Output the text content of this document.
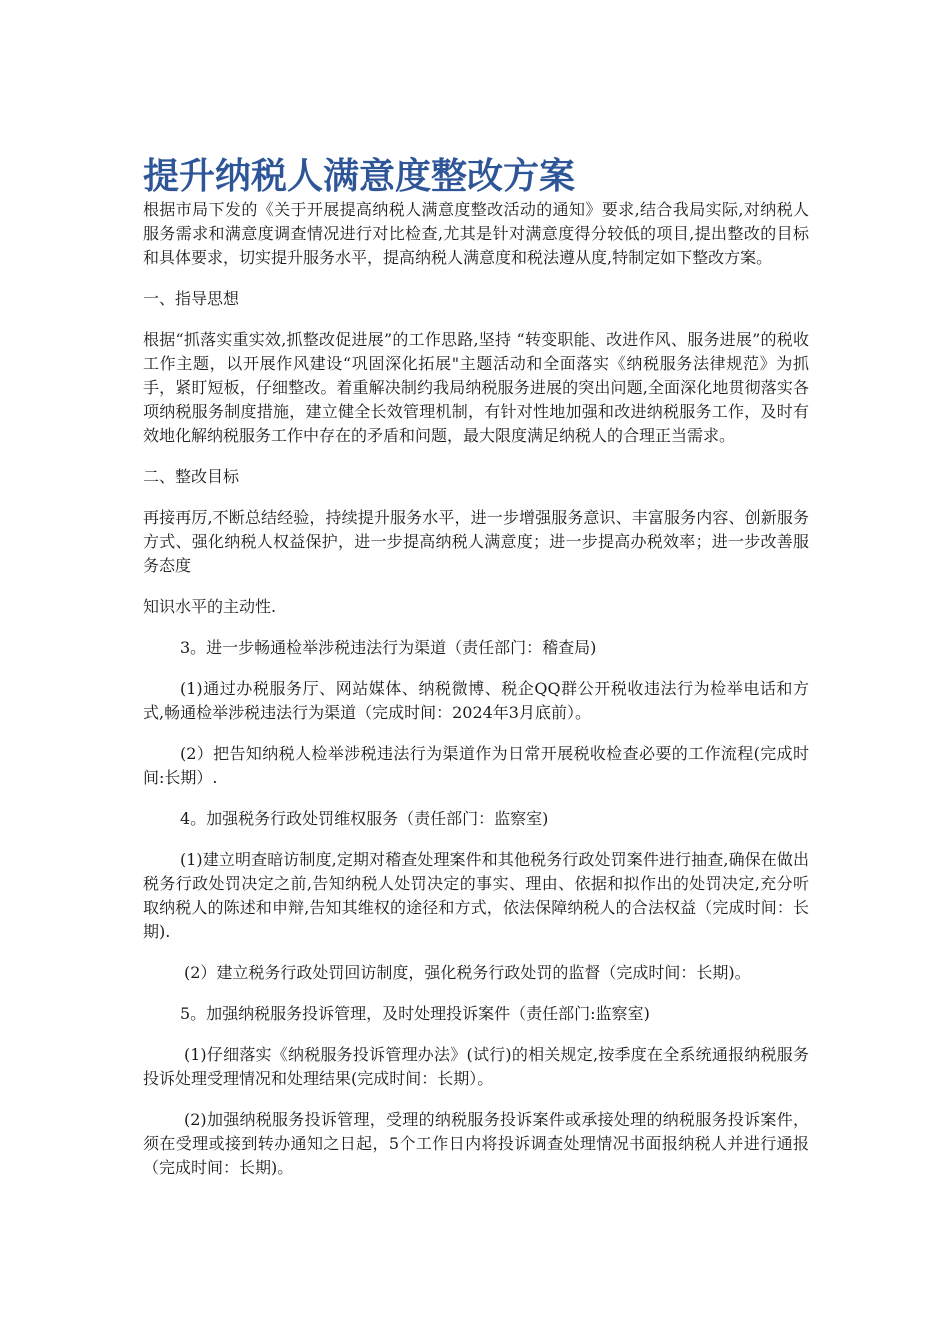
提升纳税人满意度整改方案

根据市局下发的《关于开展提高纳税人满意度整改活动的通知》要求,结合我局实际,对纳税人服务需求和满意度调查情况进行对比检查,尤其是针对满意度得分较低的项目,提出整改的目标和具体要求，切实提升服务水平，提高纳税人满意度和税法遵从度,特制定如下整改方案。

一、指导思想

根据“抓落实重实效,抓整改促进展”的工作思路,坚持 “转变职能、改进作风、服务进展”的税收工作主题，以开展作风建设“巩固深化拓展"主题活动和全面落实《纳税服务法律规范》为抓手，紧盯短板，仔细整改。着重解决制约我局纳税服务进展的突出问题,全面深化地贯彻落实各项纳税服务制度措施，建立健全长效管理机制，有针对性地加强和改进纳税服务工作，及时有效地化解纳税服务工作中存在的矛盾和问题，最大限度满足纳税人的合理正当需求。

二、整改目标

再接再厉,不断总结经验，持续提升服务水平，进一步增强服务意识、丰富服务内容、创新服务方式、强化纳税人权益保护，进一步提高纳税人满意度；进一步提高办税效率；进一步改善服务态度

知识水平的主动性.

3。进一步畅通检举涉税违法行为渠道（责任部门：稽查局)

(1)通过办税服务厅、网站媒体、纳税微博、税企QQ群公开税收违法行为检举电话和方式,畅通检举涉税违法行为渠道（完成时间：2024年3月底前）。

(2）把告知纳税人检举涉税违法行为渠道作为日常开展税收检查必要的工作流程(完成时间:长期）.

4。加强税务行政处罚维权服务（责任部门：监察室)

(1)建立明查暗访制度,定期对稽查处理案件和其他税务行政处罚案件进行抽查,确保在做出税务行政处罚决定之前,告知纳税人处罚决定的事实、理由、依据和拟作出的处罚决定,充分听取纳税人的陈述和申辩,告知其维权的途径和方式，依法保障纳税人的合法权益（完成时间：长期).

(2）建立税务行政处罚回访制度，强化税务行政处罚的监督（完成时间：长期)。

5。加强纳税服务投诉管理，及时处理投诉案件（责任部门:监察室)

(1)仔细落实《纳税服务投诉管理办法》(试行)的相关规定,按季度在全系统通报纳税服务投诉处理受理情况和处理结果(完成时间：长期）。

(2)加强纳税服务投诉管理，受理的纳税服务投诉案件或承接处理的纳税服务投诉案件，须在受理或接到转办通知之日起，5个工作日内将投诉调查处理情况书面报纳税人并进行通报（完成时间：长期)。
